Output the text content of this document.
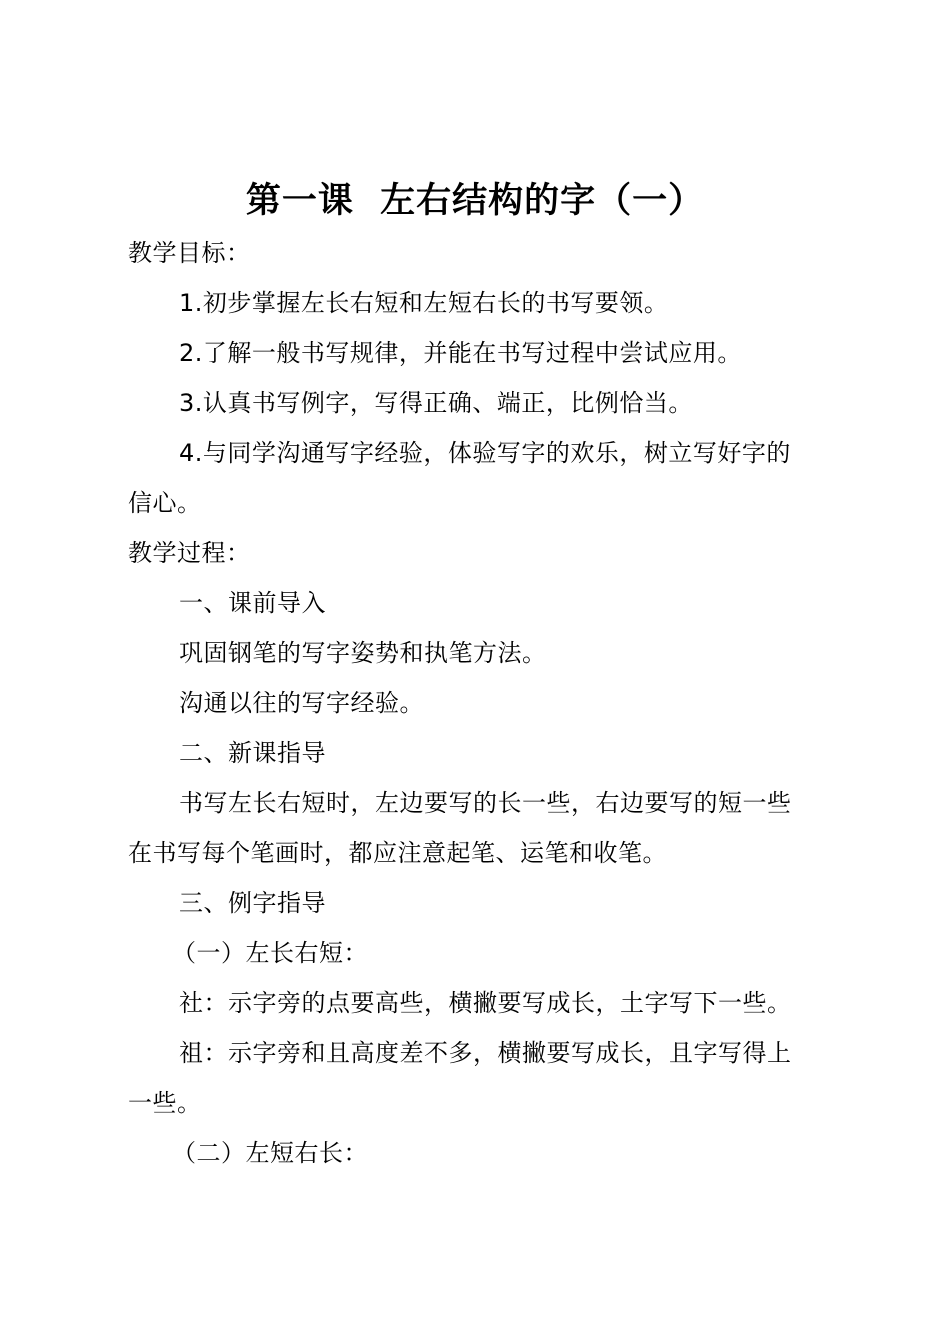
第一课  左右结构的字（一）
教学目标：
1.初步掌握左长右短和左短右长的书写要领。
2.了解一般书写规律，并能在书写过程中尝试应用。
3.认真书写例字，写得正确、端正，比例恰当。
4.与同学沟通写字经验，体验写字的欢乐，树立写好字的
信心。
教学过程：
一、课前导入
巩固钢笔的写字姿势和执笔方法。
沟通以往的写字经验。
二、新课指导
书写左长右短时，左边要写的长一些，右边要写的短一些
在书写每个笔画时，都应注意起笔、运笔和收笔。
三、例字指导
（一）左长右短：
社：示字旁的点要高些，横撇要写成长，土字写下一些。
祖：示字旁和且高度差不多，横撇要写成长，且字写得上
一些。
（二）左短右长：
